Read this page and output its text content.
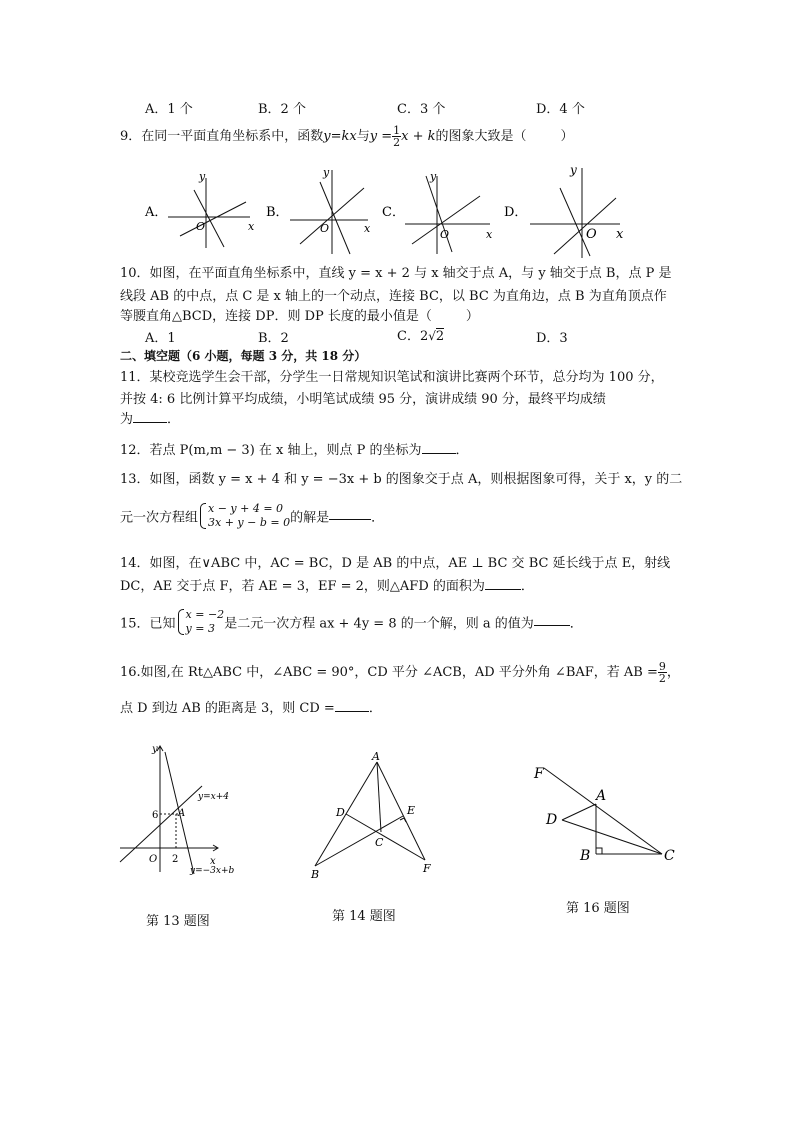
A．1 个	B．2 个	C．3 个	D．4 个
9．在同一平面直角坐标系中，函数y=kx与$y = \frac{1}{2}$ x + k的图象大致是（	）
A．
y
O	x
B．
y
O	x
C．
y
O	x
D．
y
O x
10．如图，在平面直角坐标系中，直线 y = x + 2 与 x 轴交于点 A，与 y 轴交于点 B，点 P 是
线段 AB 的中点，点 C 是 x 轴上的一个动点，连接 BC，以 BC 为直角边，点 B 为直角顶点作
等腰直角△BCD，连接 DP．则 DP 长度的最小值是（	）
A．1	B．2	C．2√2	D．3
二、填空题（6 小题，每题 3 分，共 18 分）
11．某校竞选学生会干部，分学生一日常规知识笔试和演讲比赛两个环节，总分均为 100 分，
并按 4: 6 比例计算平均成绩，小明笔试成绩 95 分，演讲成绩 90 分，最终平均成绩
为	．
12．若点 P(m,m − 3) 在 x 轴上，则点 P 的坐标为	．
13．如图，函数 y = x + 4 和 y = −3x + b 的图象交于点 A，则根据图象可得，关于 x，y 的二
元一次方程组
x − y + 4 = 0
3x + y − b = 0 的解是	．
14．如图，在∨ABC 中，AC = BC，D 是 AB 的中点，AE ⊥ BC 交 BC 延长线于点 E，射线
DC，AE 交于点 F，若 AE = 3，EF = 2，则△AFD 的面积为	．
15．已知
x = −2
y = 3 是二元一次方程 ax + 4y = 8 的一个解，则 a 的值为	．
16.如图,在 Rt△ABC 中，∠ABC = 90°，CD 平分 ∠ACB，AD 平分外角 ∠BAF，若 AB = $\frac{9}{2}$ ，
点 D 到边 AB 的距离是 3，则 CD =	．
y
x
O
6
2
A
y=x+4
y=−3x+b
第 13 题图
A
B
C
D	E
F
第 14 题图
F
A
D
B	C
第 16 题图
